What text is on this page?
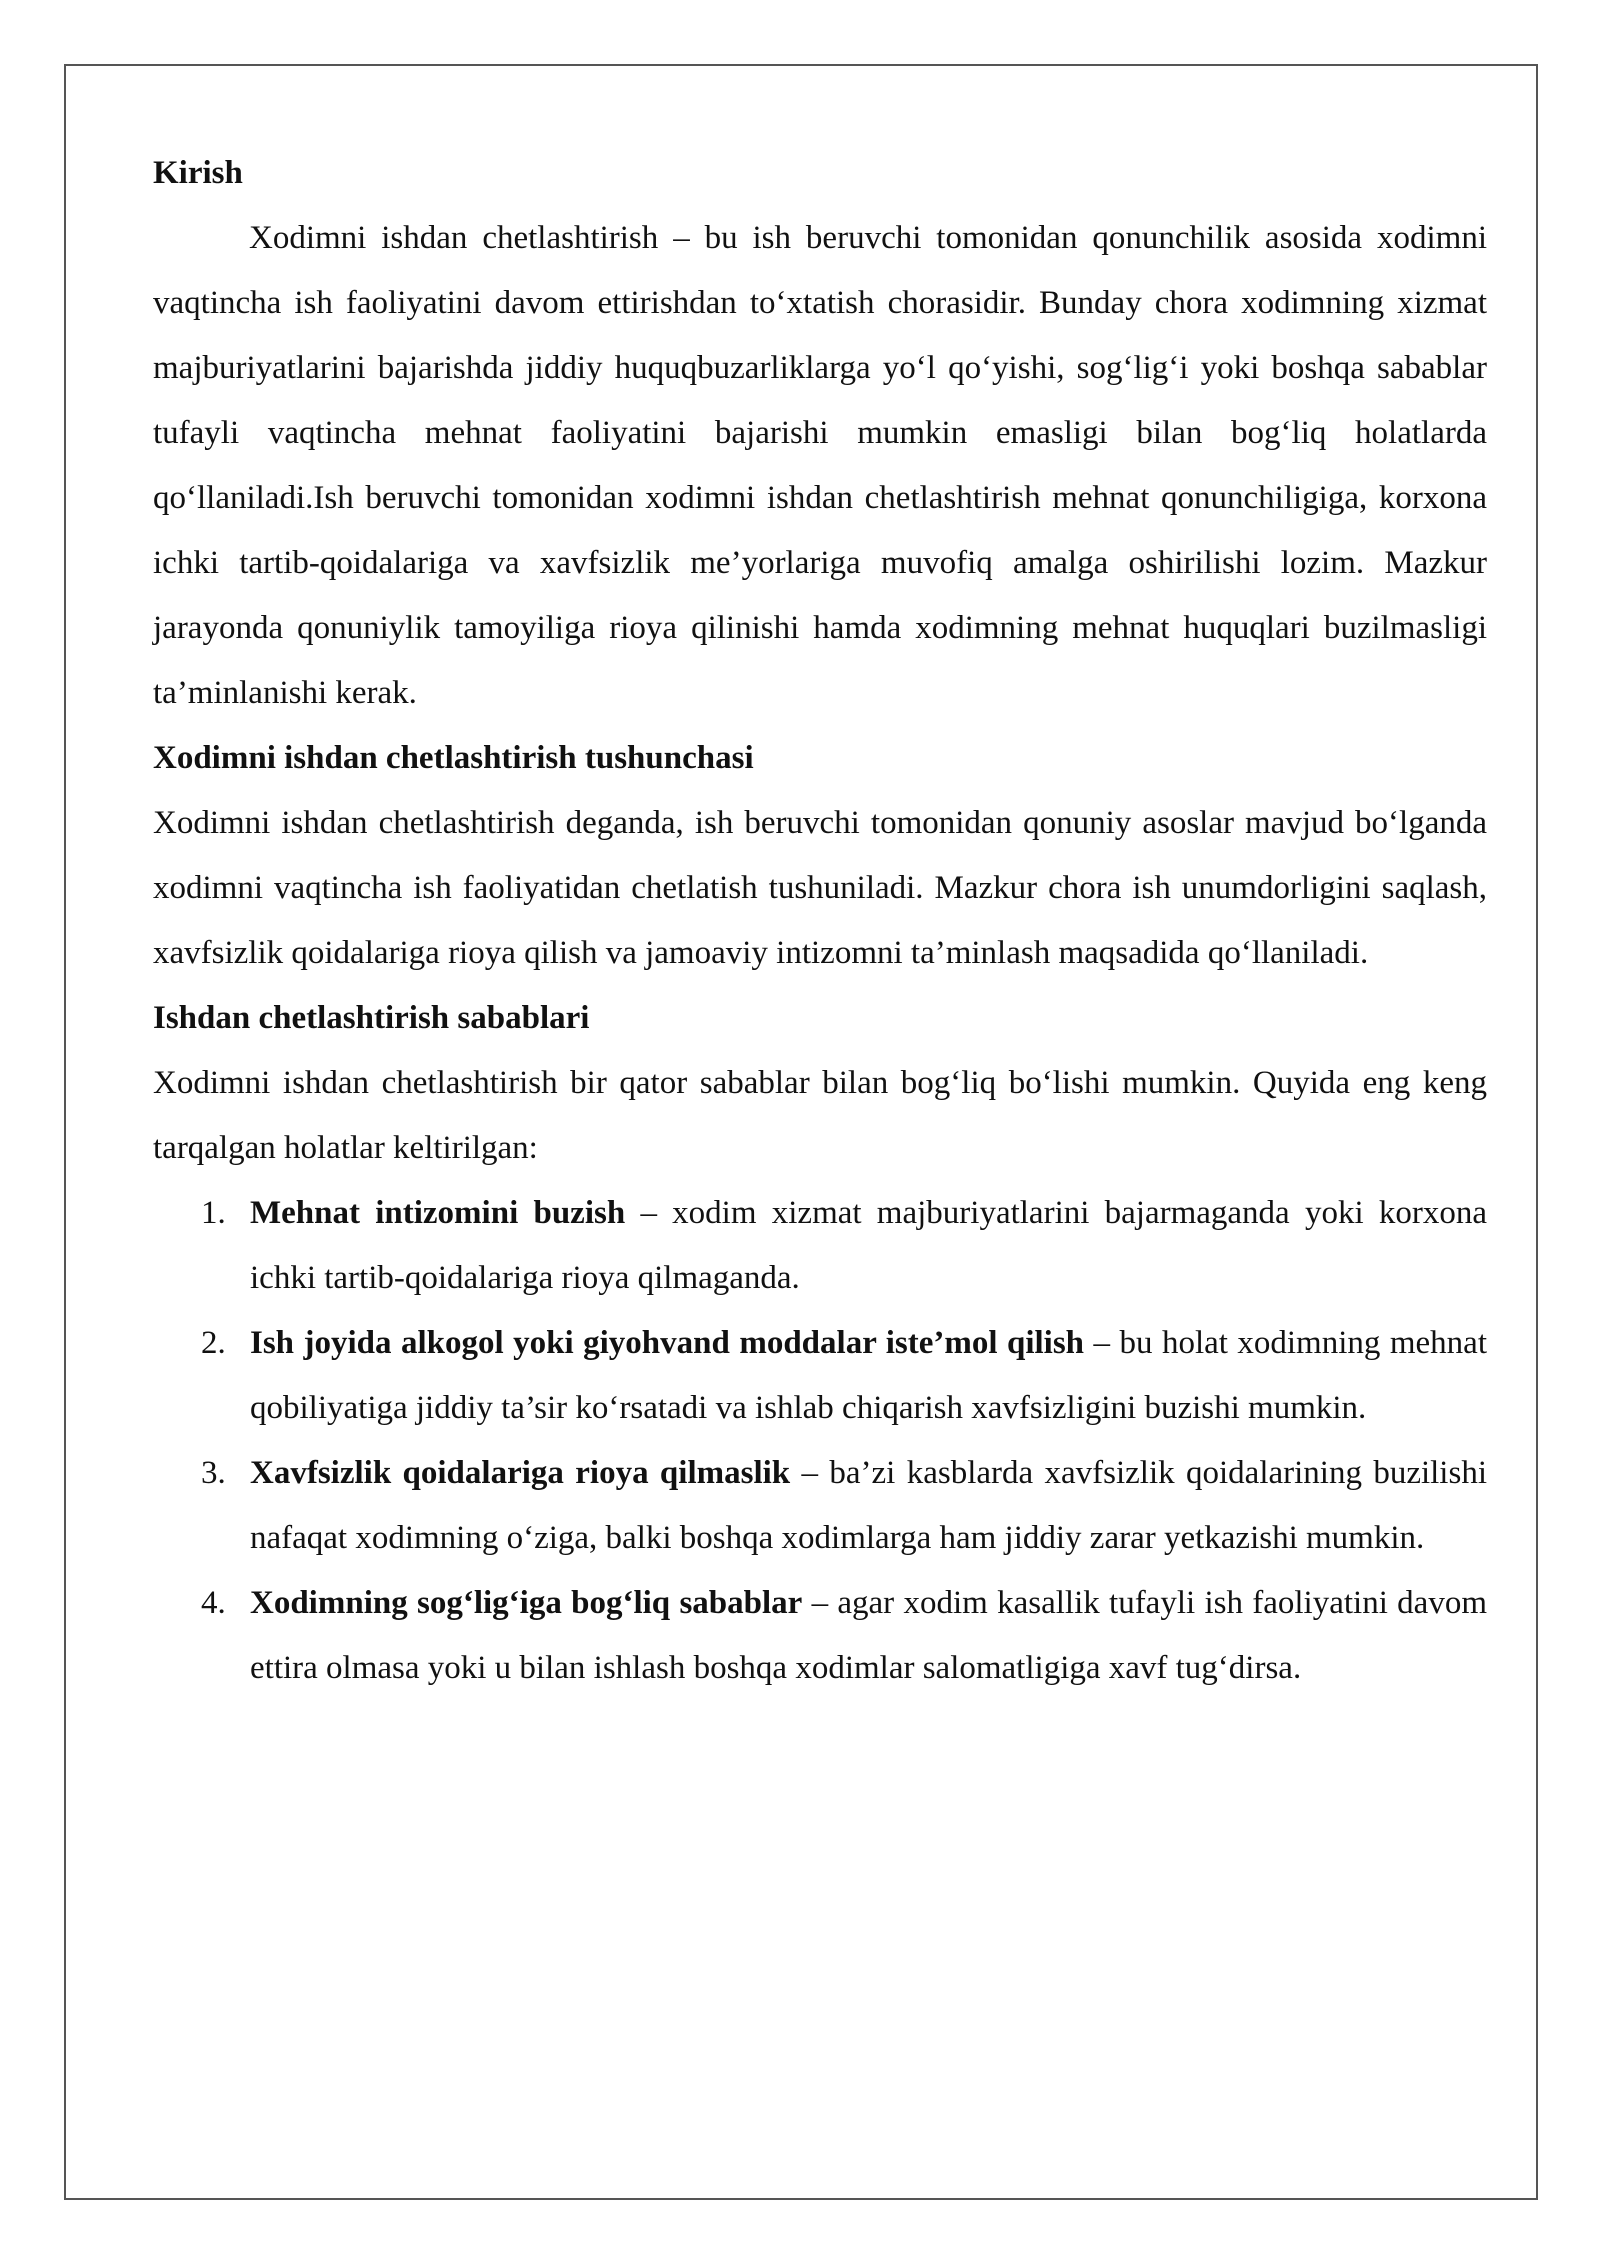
Kirish

Xodimni ishdan chetlashtirish – bu ish beruvchi tomonidan qonunchilik asosida xodimni vaqtincha ish faoliyatini davom ettirishdan to‘xtatish chorasidir. Bunday chora xodimning xizmat majburiyatlarini bajarishda jiddiy huquqbuzarliklarga yo‘l qo‘yishi, sog‘lig‘i yoki boshqa sabablar tufayli vaqtincha mehnat faoliyatini bajarishi mumkin emasligi bilan bog‘liq holatlarda qo‘llaniladi.Ish beruvchi tomonidan xodimni ishdan chetlashtirish mehnat qonunchiligiga, korxona ichki tartib-qoidalariga va xavfsizlik me’yorlariga muvofiq amalga oshirilishi lozim. Mazkur jarayonda qonuniylik tamoyiliga rioya qilinishi hamda xodimning mehnat huquqlari buzilmasligi ta’minlanishi kerak.

Xodimni ishdan chetlashtirish tushunchasi

Xodimni ishdan chetlashtirish deganda, ish beruvchi tomonidan qonuniy asoslar mavjud bo‘lganda xodimni vaqtincha ish faoliyatidan chetlatish tushuniladi. Mazkur chora ish unumdorligini saqlash, xavfsizlik qoidalariga rioya qilish va jamoaviy intizomni ta’minlash maqsadida qo‘llaniladi.

Ishdan chetlashtirish sabablari

Xodimni ishdan chetlashtirish bir qator sabablar bilan bog‘liq bo‘lishi mumkin. Quyida eng keng tarqalgan holatlar keltirilgan:

1. Mehnat intizomini buzish – xodim xizmat majburiyatlarini bajarmaganda yoki korxona ichki tartib-qoidalariga rioya qilmaganda.
2. Ish joyida alkogol yoki giyohvand moddalar iste’mol qilish – bu holat xodimning mehnat qobiliyatiga jiddiy ta’sir ko‘rsatadi va ishlab chiqarish xavfsizligini buzishi mumkin.
3. Xavfsizlik qoidalariga rioya qilmaslik – ba’zi kasblarda xavfsizlik qoidalarining buzilishi nafaqat xodimning o‘ziga, balki boshqa xodimlarga ham jiddiy zarar yetkazishi mumkin.
4. Xodimning sog‘lig‘iga bog‘liq sabablar – agar xodim kasallik tufayli ish faoliyatini davom ettira olmasa yoki u bilan ishlash boshqa xodimlar salomatligiga xavf tug‘dirsa.
